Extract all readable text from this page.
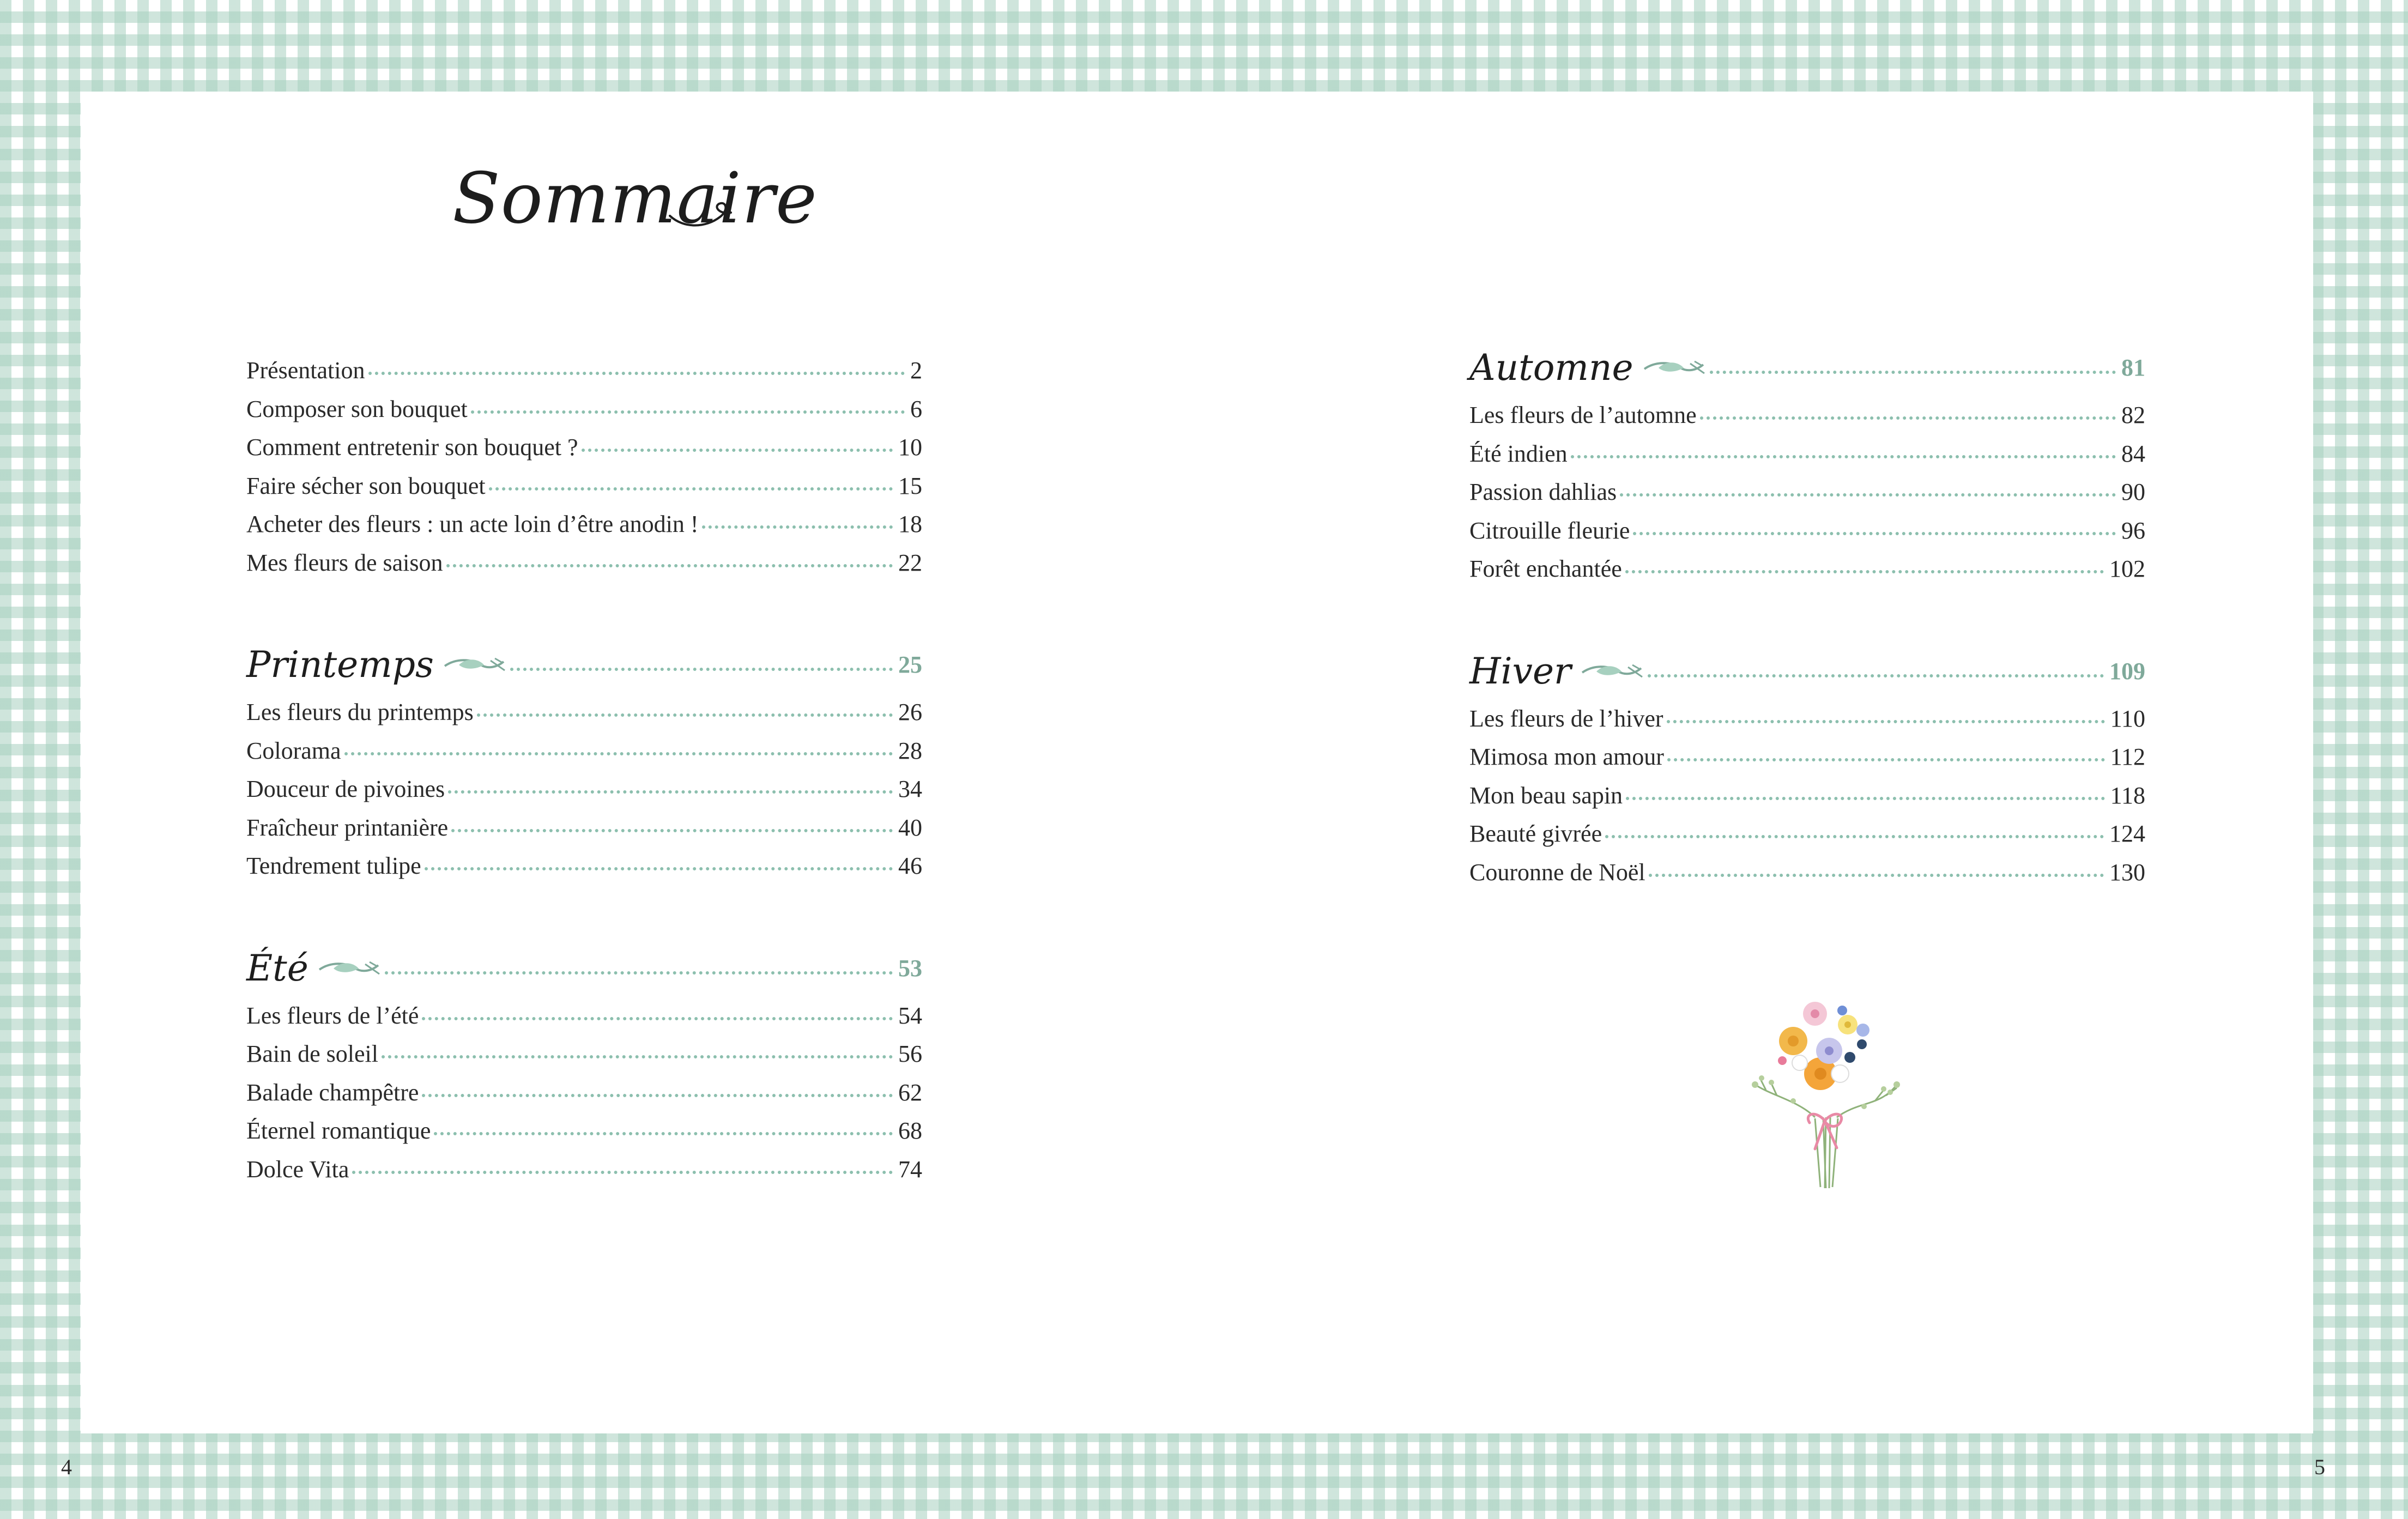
Sommaire
Présentation	2
Composer son bouquet	6
Comment entretenir son bouquet ?	10
Faire sécher son bouquet	15
Acheter des fleurs : un acte loin d’être anodin !	18
Mes fleurs de saison	22
Printemps	25
Les fleurs du printemps	26
Colorama	28
Douceur de pivoines	34
Fraîcheur printanière	40
Tendrement tulipe	46
Été	53
Les fleurs de l’été	54
Bain de soleil	56
Balade champêtre	62
Éternel romantique	68
Dolce Vita	74
Automne	81
Les fleurs de l’automne	82
Été indien	84
Passion dahlias	90
Citrouille fleurie	96
Forêt enchantée	102
Hiver	109
Les fleurs de l’hiver	110
Mimosa mon amour	112
Mon beau sapin	118
Beauté givrée	124
Couronne de Noël	130
4	5
